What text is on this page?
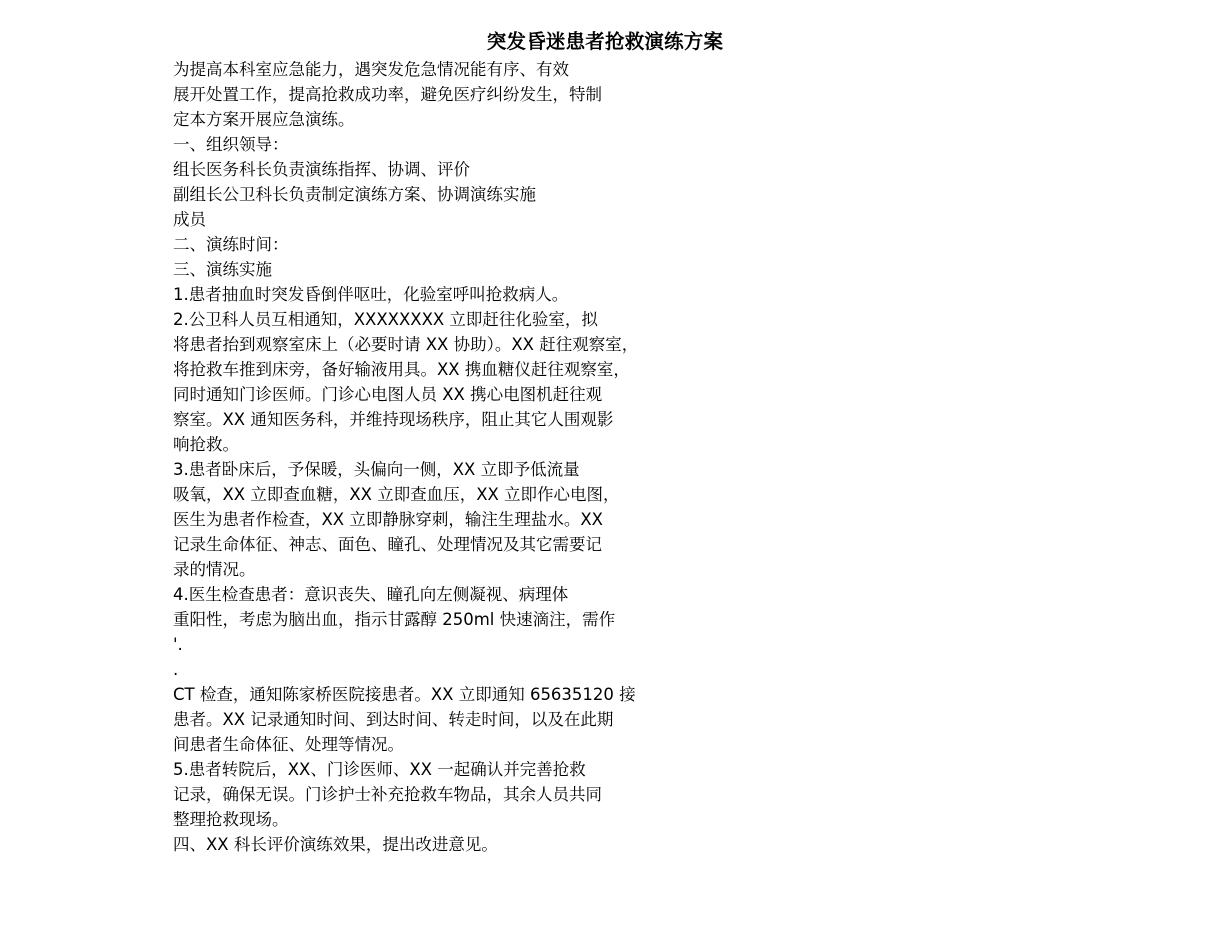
突发昏迷患者抢救演练方案
为提高本科室应急能力，遇突发危急情况能有序、有效
展开处置工作，提高抢救成功率，避免医疗纠纷发生，特制
定本方案开展应急演练。
一、组织领导：
组长医务科长负责演练指挥、协调、评价
副组长公卫科长负责制定演练方案、协调演练实施
成员
二、演练时间：
三、演练实施
1.患者抽血时突发昏倒伴呕吐，化验室呼叫抢救病人。
2.公卫科人员互相通知，XXXXXXXX 立即赶往化验室，拟
将患者抬到观察室床上（必要时请 XX 协助）。XX 赶往观察室，
将抢救车推到床旁，备好输液用具。XX 携血糖仪赶往观察室，
同时通知门诊医师。门诊心电图人员 XX 携心电图机赶往观
察室。XX 通知医务科，并维持现场秩序，阻止其它人围观影
响抢救。
3.患者卧床后，予保暖，头偏向一侧，XX 立即予低流量
吸氧，XX 立即查血糖，XX 立即查血压，XX 立即作心电图，
医生为患者作检查，XX 立即静脉穿刺，输注生理盐水。XX
记录生命体征、神志、面色、瞳孔、处理情况及其它需要记
录的情况。
4.医生检查患者：意识丧失、瞳孔向左侧凝视、病理体
重阳性，考虑为脑出血，指示甘露醇 250ml 快速滴注，需作
'.
.
CT 检查，通知陈家桥医院接患者。XX 立即通知 65635120 接
患者。XX 记录通知时间、到达时间、转走时间，以及在此期
间患者生命体征、处理等情况。
5.患者转院后，XX、门诊医师、XX 一起确认并完善抢救
记录，确保无误。门诊护士补充抢救车物品，其余人员共同
整理抢救现场。
四、XX 科长评价演练效果，提出改进意见。
